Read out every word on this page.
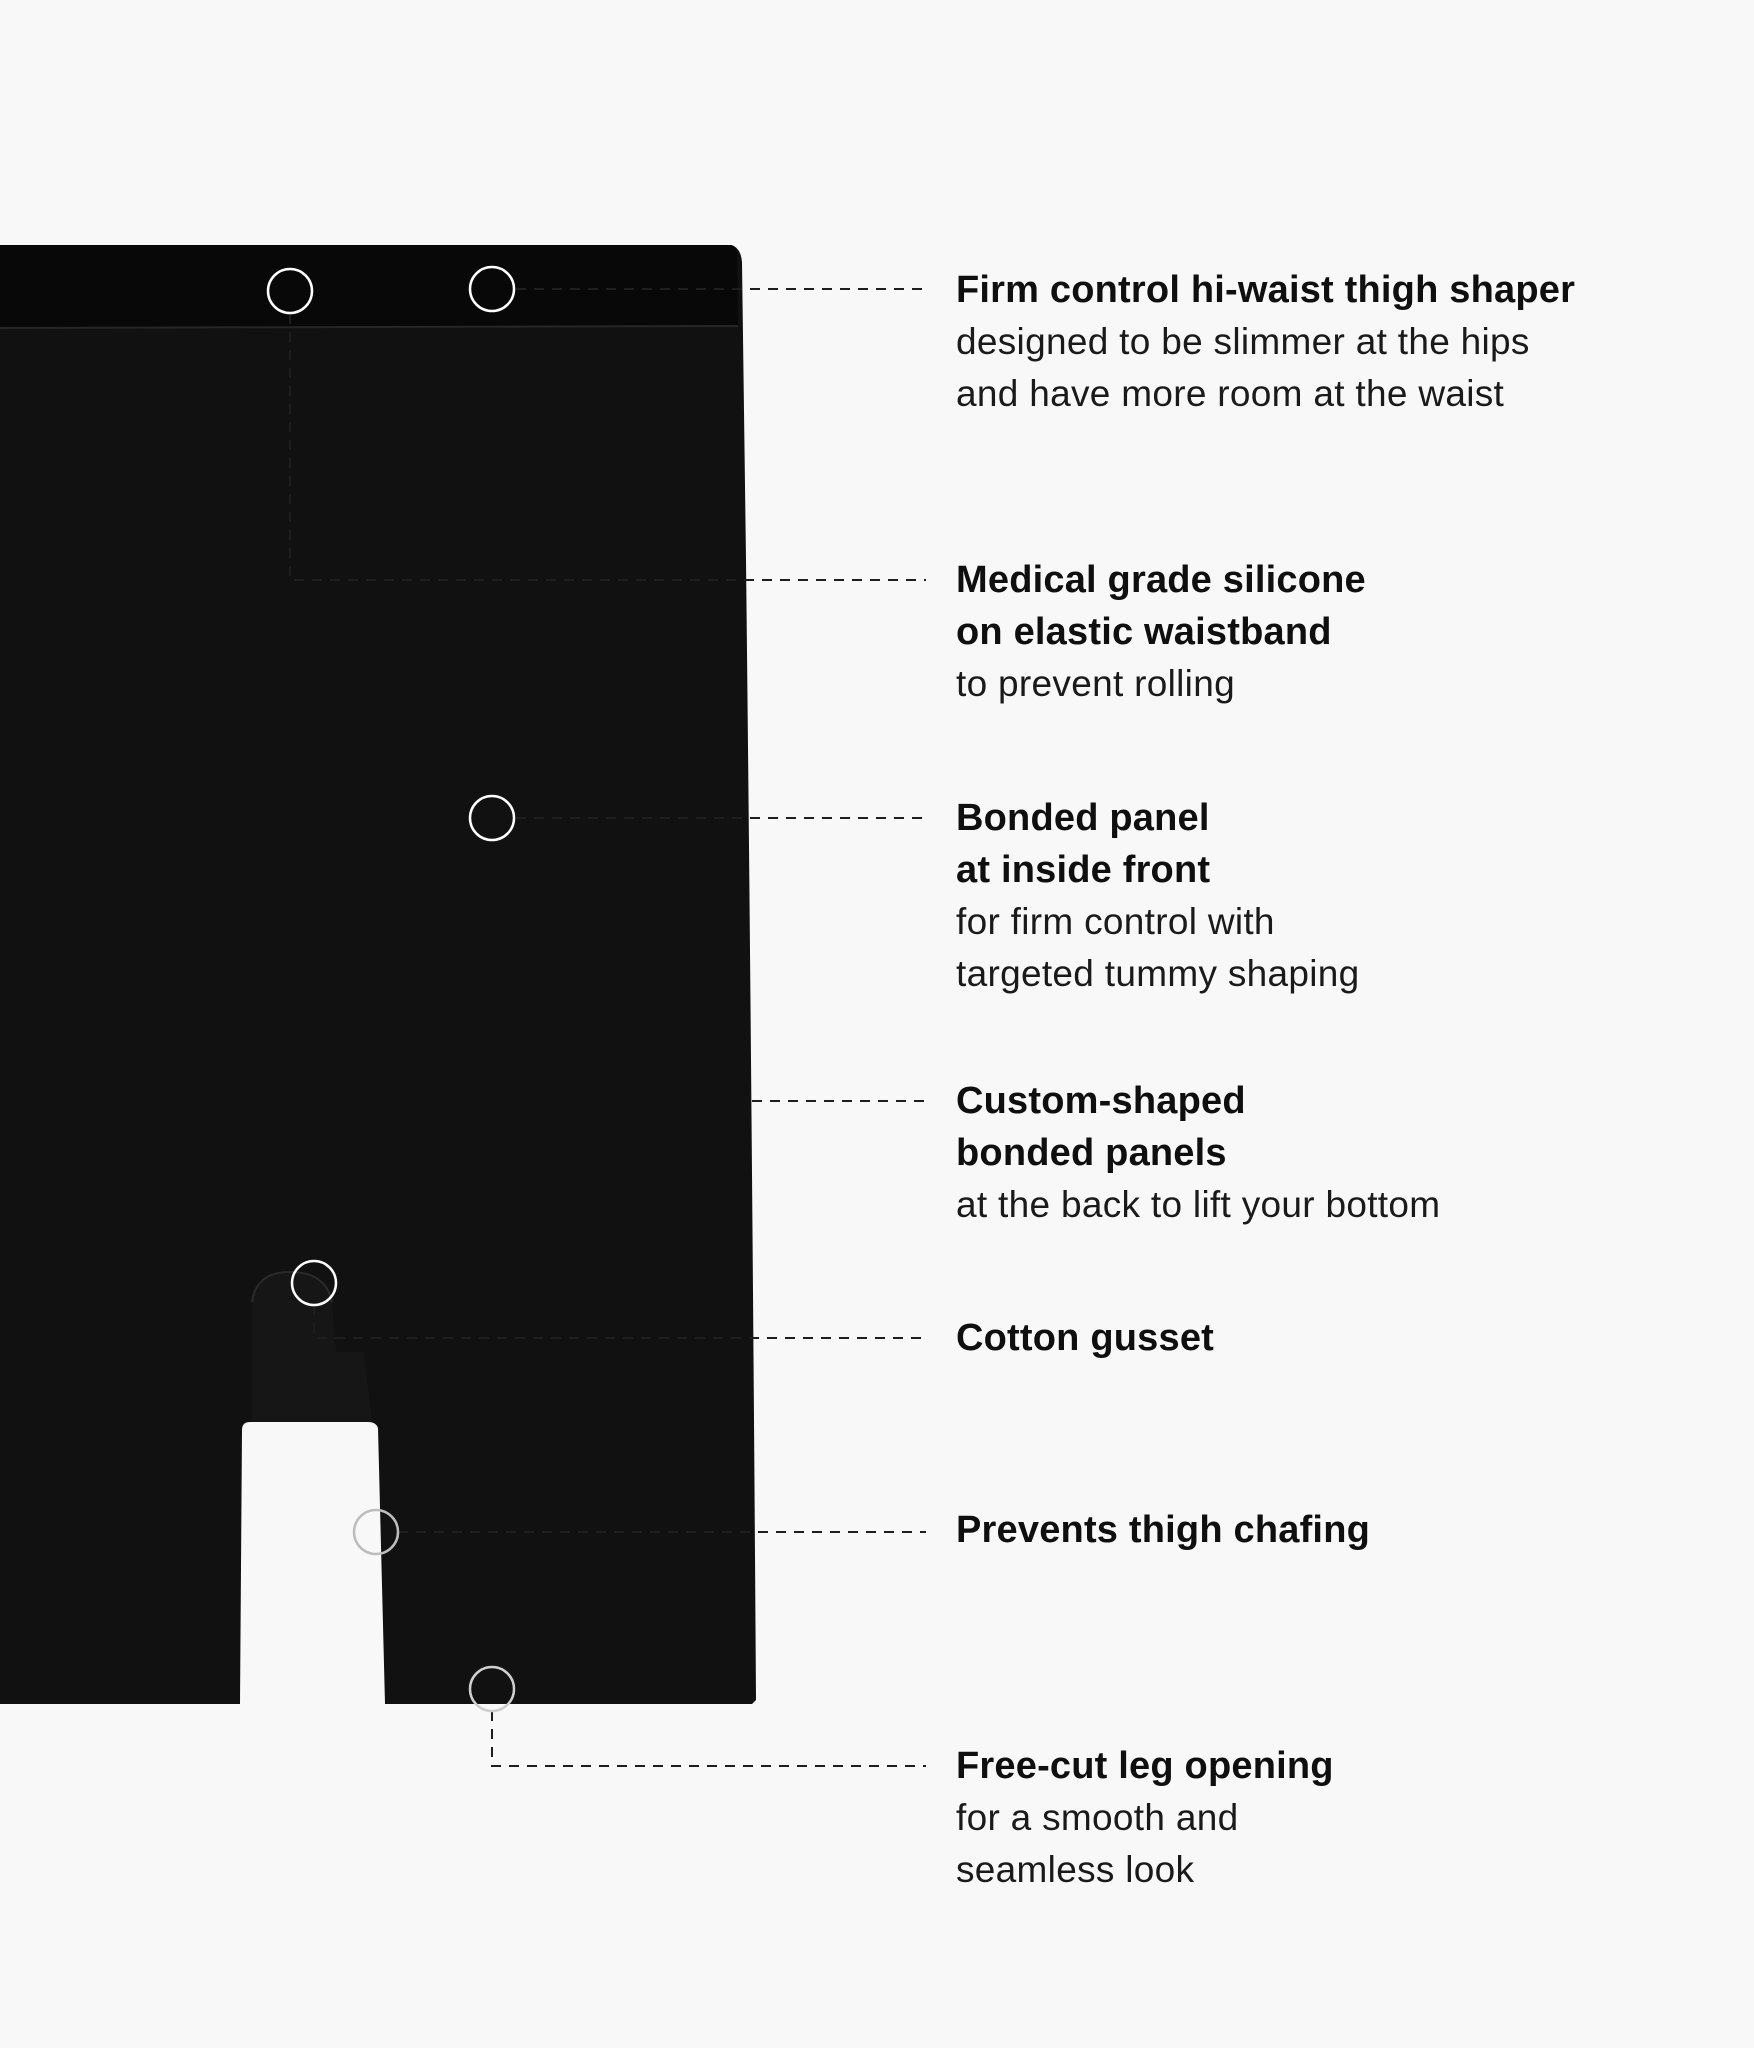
Firm control hi-waist thigh shaper
designed to be slimmer at the hips
and have more room at the waist
Medical grade silicone
on elastic waistband
to prevent rolling
Bonded panel
at inside front
for firm control with
targeted tummy shaping
Custom-shaped
bonded panels
at the back to lift your bottom
Cotton gusset
Prevents thigh chafing
Free-cut leg opening
for a smooth and
seamless look
